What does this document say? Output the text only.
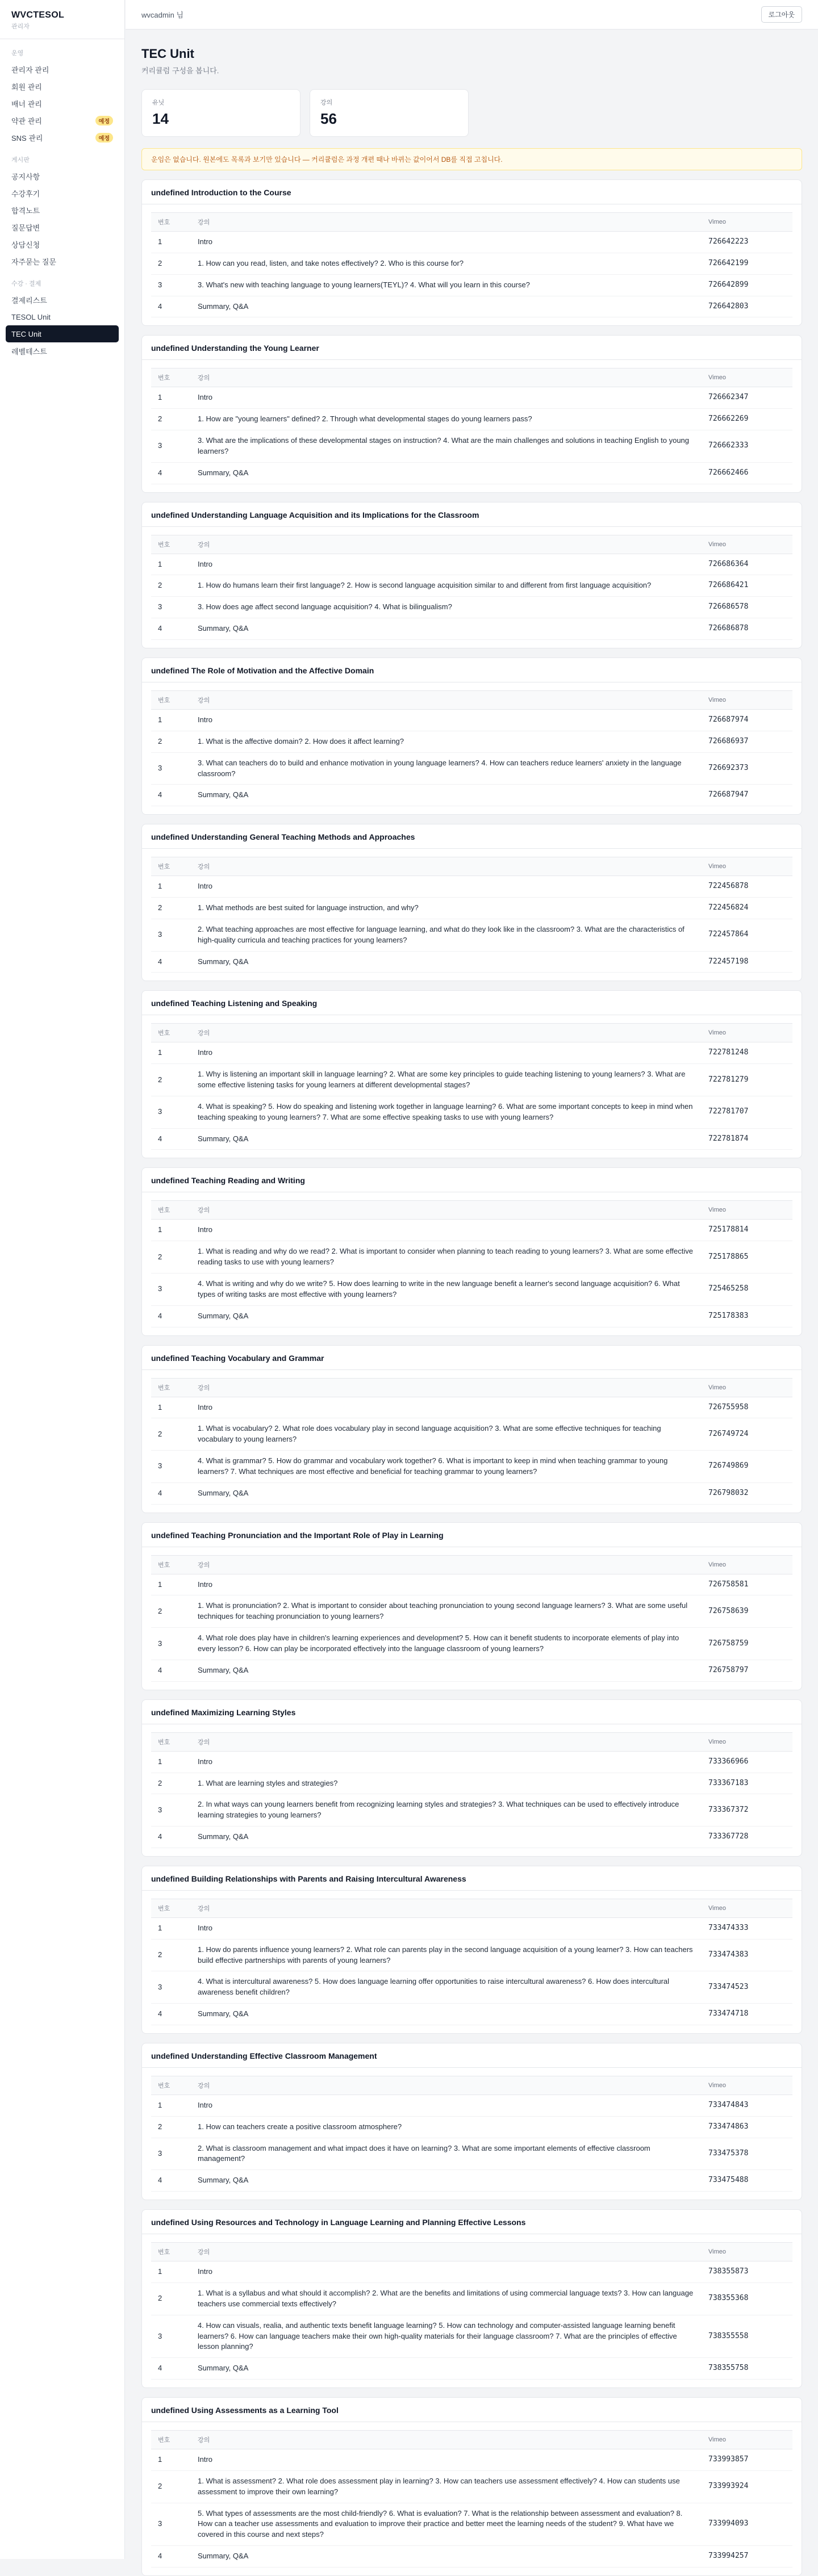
WVCTESOL
관리자
운영
관리자 관리
회원 관리
배너 관리
약관 관리	예정
SNS 관리	예정
게시판
공지사항
수강후기
합격노트
질문답변
상담신청
자주묻는 질문
수강 · 결제
결제리스트
TESOL Unit
TEC Unit
레벨테스트
wvcadmin 님	로그아웃
TEC Unit

커리큘럼 구성을 봅니다.

유닛
14
강의
56
운임은 없습니다. 원본에도 목록과 보기만 있습니다 — 커리큘럼은 과정 개편 때나 바뀌는 값이어서 DB를 직접 고칩니다.
undefined Introduction to the Course
번호	강의	Vimeo
1	Intro	726642223
2	1. How can you read, listen, and take notes effectively? 2. Who is this course for?	726642199
3	3. What's new with teaching language to young learners(TEYL)? 4. What will you learn in this course?	726642899
4	Summary, Q&A	726642803
undefined Understanding the Young Learner
번호	강의	Vimeo
1	Intro	726662347
2	1. How are "young learners" defined? 2. Through what developmental stages do young learners pass?	726662269
3	3. What are the implications of these developmental stages on instruction? 4. What are the main challenges and solutions in teaching English to young learners?	726662333
4	Summary, Q&A	726662466
undefined Understanding Language Acquisition and its Implications for the Classroom
번호	강의	Vimeo
1	Intro	726686364
2	1. How do humans learn their first language? 2. How is second language acquisition similar to and different from first language acquisition?	726686421
3	3. How does age affect second language acquisition? 4. What is bilingualism?	726686578
4	Summary, Q&A	726686878
undefined The Role of Motivation and the Affective Domain
번호	강의	Vimeo
1	Intro	726687974
2	1. What is the affective domain? 2. How does it affect learning?	726686937
3	3. What can teachers do to build and enhance motivation in young language learners? 4. How can teachers reduce learners' anxiety in the language classroom?	726692373
4	Summary, Q&A	726687947
undefined Understanding General Teaching Methods and Approaches
번호	강의	Vimeo
1	Intro	722456878
2	1. What methods are best suited for language instruction, and why?	722456824
3	2. What teaching approaches are most effective for language learning, and what do they look like in the classroom? 3. What are the characteristics of high-quality curricula and teaching practices for young learners?	722457864
4	Summary, Q&A	722457198
undefined Teaching Listening and Speaking
번호	강의	Vimeo
1	Intro	722781248
2	1. Why is listening an important skill in language learning? 2. What are some key principles to guide teaching listening to young learners? 3. What are some effective listening tasks for young learners at different developmental stages?	722781279
3	4. What is speaking? 5. How do speaking and listening work together in language learning? 6. What are some important concepts to keep in mind when teaching speaking to young learners? 7. What are some effective speaking tasks to use with young learners?	722781707
4	Summary, Q&A	722781874
undefined Teaching Reading and Writing
번호	강의	Vimeo
1	Intro	725178814
2	1. What is reading and why do we read? 2. What is important to consider when planning to teach reading to young learners? 3. What are some effective reading tasks to use with young learners?	725178865
3	4. What is writing and why do we write? 5. How does learning to write in the new language benefit a learner's second language acquisition? 6. What types of writing tasks are most effective with young learners?	725465258
4	Summary, Q&A	725178383
undefined Teaching Vocabulary and Grammar
번호	강의	Vimeo
1	Intro	726755958
2	1. What is vocabulary? 2. What role does vocabulary play in second language acquisition? 3. What are some effective techniques for teaching vocabulary to young learners?	726749724
3	4. What is grammar? 5. How do grammar and vocabulary work together? 6. What is important to keep in mind when teaching grammar to young learners? 7. What techniques are most effective and beneficial for teaching grammar to young learners?	726749869
4	Summary, Q&A	726798032
undefined Teaching Pronunciation and the Important Role of Play in Learning
번호	강의	Vimeo
1	Intro	726758581
2	1. What is pronunciation? 2. What is important to consider about teaching pronunciation to young second language learners? 3. What are some useful techniques for teaching pronunciation to young learners?	726758639
3	4. What role does play have in children's learning experiences and development? 5. How can it benefit students to incorporate elements of play into every lesson? 6. How can play be incorporated effectively into the language classroom of young learners?	726758759
4	Summary, Q&A	726758797
undefined Maximizing Learning Styles
번호	강의	Vimeo
1	Intro	733366966
2	1. What are learning styles and strategies?	733367183
3	2. In what ways can young learners benefit from recognizing learning styles and strategies? 3. What techniques can be used to effectively introduce learning strategies to young learners?	733367372
4	Summary, Q&A	733367728
undefined Building Relationships with Parents and Raising Intercultural Awareness
번호	강의	Vimeo
1	Intro	733474333
2	1. How do parents influence young learners? 2. What role can parents play in the second language acquisition of a young learner? 3. How can teachers build effective partnerships with parents of young learners?	733474383
3	4. What is intercultural awareness? 5. How does language learning offer opportunities to raise intercultural awareness? 6. How does intercultural awareness benefit children?	733474523
4	Summary, Q&A	733474718
undefined Understanding Effective Classroom Management
번호	강의	Vimeo
1	Intro	733474843
2	1. How can teachers create a positive classroom atmosphere?	733474863
3	2. What is classroom management and what impact does it have on learning? 3. What are some important elements of effective classroom management?	733475378
4	Summary, Q&A	733475488
undefined Using Resources and Technology in Language Learning and Planning Effective Lessons
번호	강의	Vimeo
1	Intro	738355873
2	1. What is a syllabus and what should it accomplish? 2. What are the benefits and limitations of using commercial language texts? 3. How can language teachers use commercial texts effectively?	738355368
3	4. How can visuals, realia, and authentic texts benefit language learning? 5. How can technology and computer-assisted language learning benefit learners? 6. How can language teachers make their own high-quality materials for their language classroom? 7. What are the principles of effective lesson planning?	738355558
4	Summary, Q&A	738355758
undefined Using Assessments as a Learning Tool
번호	강의	Vimeo
1	Intro	733993857
2	1. What is assessment? 2. What role does assessment play in learning? 3. How can teachers use assessment effectively? 4. How can students use assessment to improve their own learning?	733993924
3	5. What types of assessments are the most child-friendly? 6. What is evaluation? 7. What is the relationship between assessment and evaluation? 8. How can a teacher use assessments and evaluation to improve their practice and better meet the learning needs of the student? 9. What have we covered in this course and next steps?	733994093
4	Summary, Q&A	733994257
